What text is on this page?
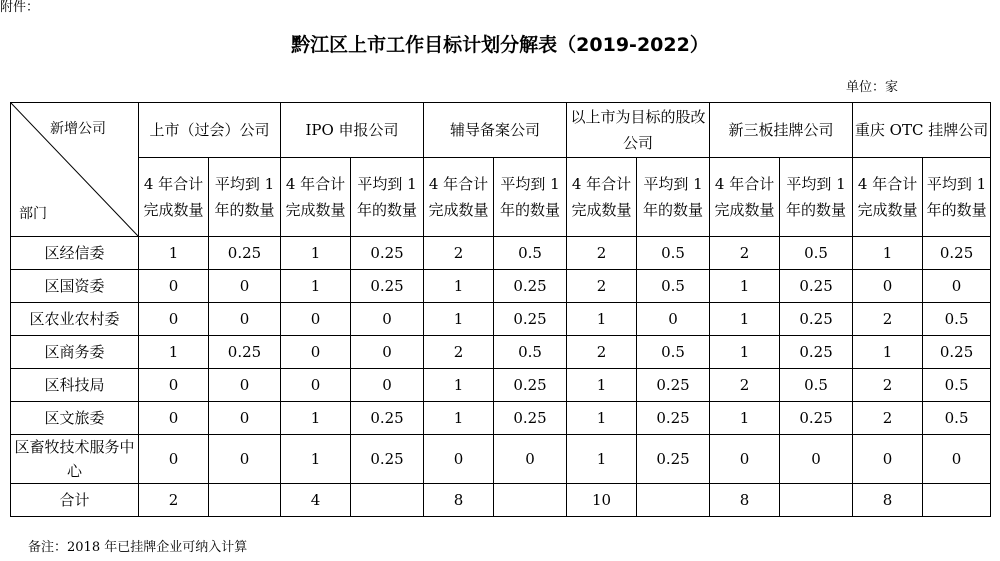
附件：
黔江区上市工作目标计划分解表（2019-2022）
单位：家
新增公司
部门	上市（过会）公司		IPO 申报公司		辅导备案公司		以上市为目标的股改公司		新三板挂牌公司		重庆 OTC 挂牌公司	
	4 年合计完成数量	平均到 1 年的数量	4 年合计完成数量	平均到 1 年的数量	4 年合计完成数量	平均到 1 年的数量	4 年合计完成数量	平均到 1 年的数量	4 年合计完成数量	平均到 1 年的数量	4 年合计完成数量	平均到 1 年的数量
区经信委	1	0.25	1	0.25	2	0.5	2	0.5	2	0.5	1	0.25
区国资委	0	0	1	0.25	1	0.25	2	0.5	1	0.25	0	0
区农业农村委	0	0	0	0	1	0.25	1	0	1	0.25	2	0.5
区商务委	1	0.25	0	0	2	0.5	2	0.5	1	0.25	1	0.25
区科技局	0	0	0	0	1	0.25	1	0.25	2	0.5	2	0.5
区文旅委	0	0	1	0.25	1	0.25	1	0.25	1	0.25	2	0.5
区畜牧技术服务中心	0	0	1	0.25	0	0	1	0.25	0	0	0	0
合计	2		4		8		10		8		8	
备注：2018 年已挂牌企业可纳入计算
